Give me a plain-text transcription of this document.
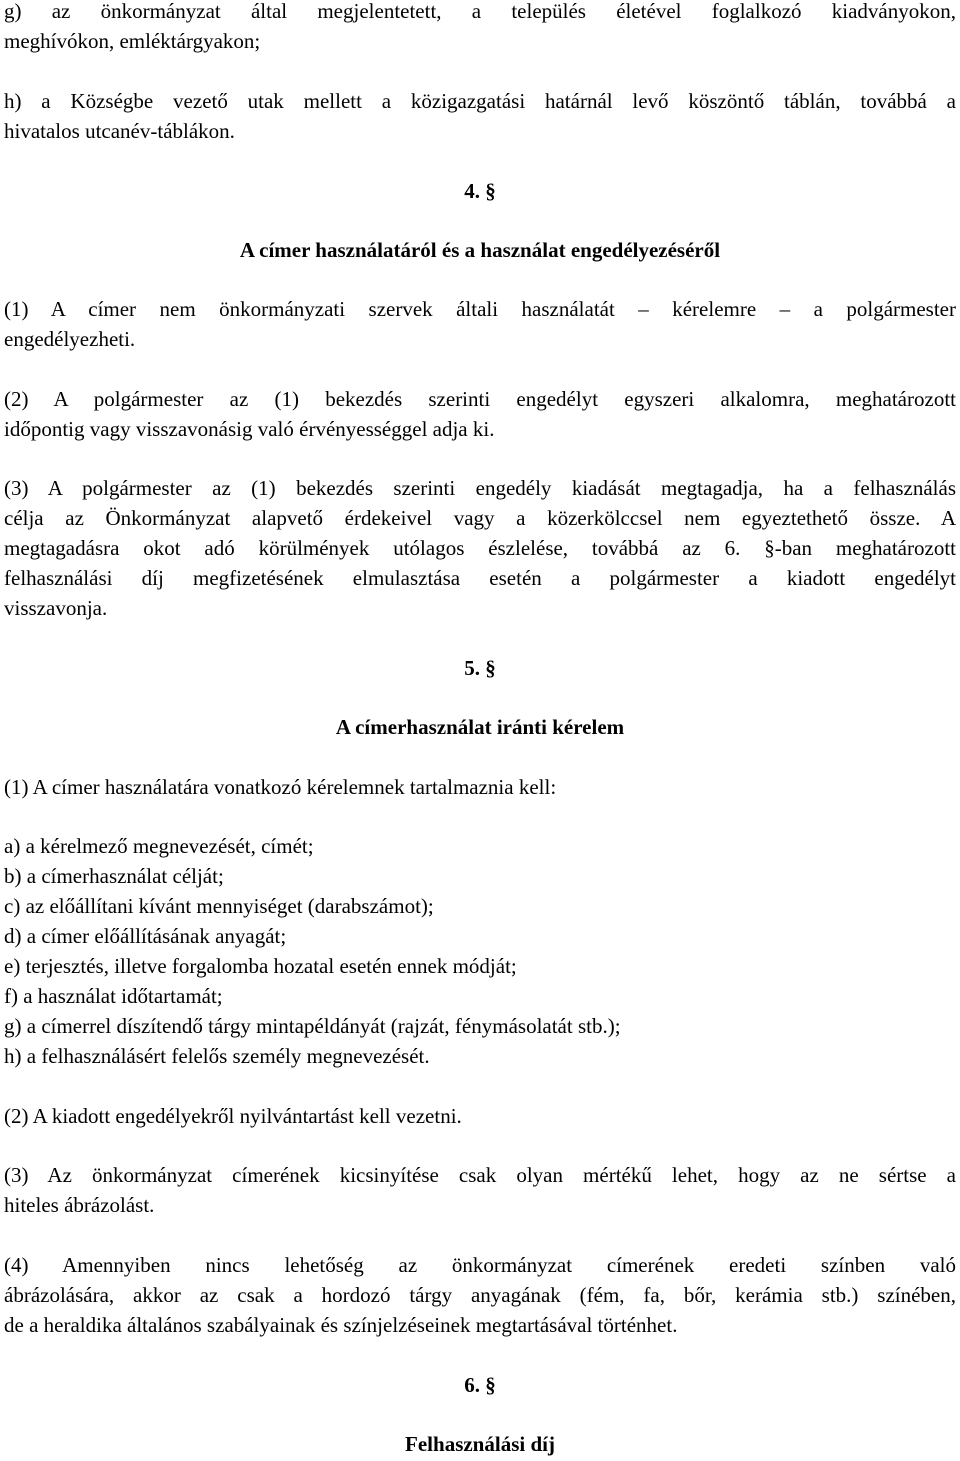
g) az önkormányzat által megjelentetett, a település életével foglalkozó kiadványokon,
meghívókon, emléktárgyakon;
h) a Községbe vezető utak mellett a közigazgatási határnál levő köszöntő táblán, továbbá a
hivatalos utcanév-táblákon.
4. §
A címer használatáról és a használat engedélyezéséről
(1) A címer nem önkormányzati szervek általi használatát – kérelemre – a polgármester
engedélyezheti.
(2) A polgármester az (1) bekezdés szerinti engedélyt egyszeri alkalomra, meghatározott
időpontig vagy visszavonásig való érvényességgel adja ki.
(3) A polgármester az (1) bekezdés szerinti engedély kiadását megtagadja, ha a felhasználás
célja az Önkormányzat alapvető érdekeivel vagy a közerkölccsel nem egyeztethető össze. A
megtagadásra okot adó körülmények utólagos észlelése, továbbá az 6. §-ban meghatározott
felhasználási díj megfizetésének elmulasztása esetén a polgármester a kiadott engedélyt
visszavonja.
5. §
A címerhasználat iránti kérelem
(1) A címer használatára vonatkozó kérelemnek tartalmaznia kell:
a) a kérelmező megnevezését, címét;
b) a címerhasználat célját;
c) az előállítani kívánt mennyiséget (darabszámot);
d) a címer előállításának anyagát;
e) terjesztés, illetve forgalomba hozatal esetén ennek módját;
f) a használat időtartamát;
g) a címerrel díszítendő tárgy mintapéldányát (rajzát, fénymásolatát stb.);
h) a felhasználásért felelős személy megnevezését.
(2) A kiadott engedélyekről nyilvántartást kell vezetni.
(3) Az önkormányzat címerének kicsinyítése csak olyan mértékű lehet, hogy az ne sértse a
hiteles ábrázolást.
(4) Amennyiben nincs lehetőség az önkormányzat címerének eredeti színben való
ábrázolására, akkor az csak a hordozó tárgy anyagának (fém, fa, bőr, kerámia stb.) színében,
de a heraldika általános szabályainak és színjelzéseinek megtartásával történhet.
6. §
Felhasználási díj
